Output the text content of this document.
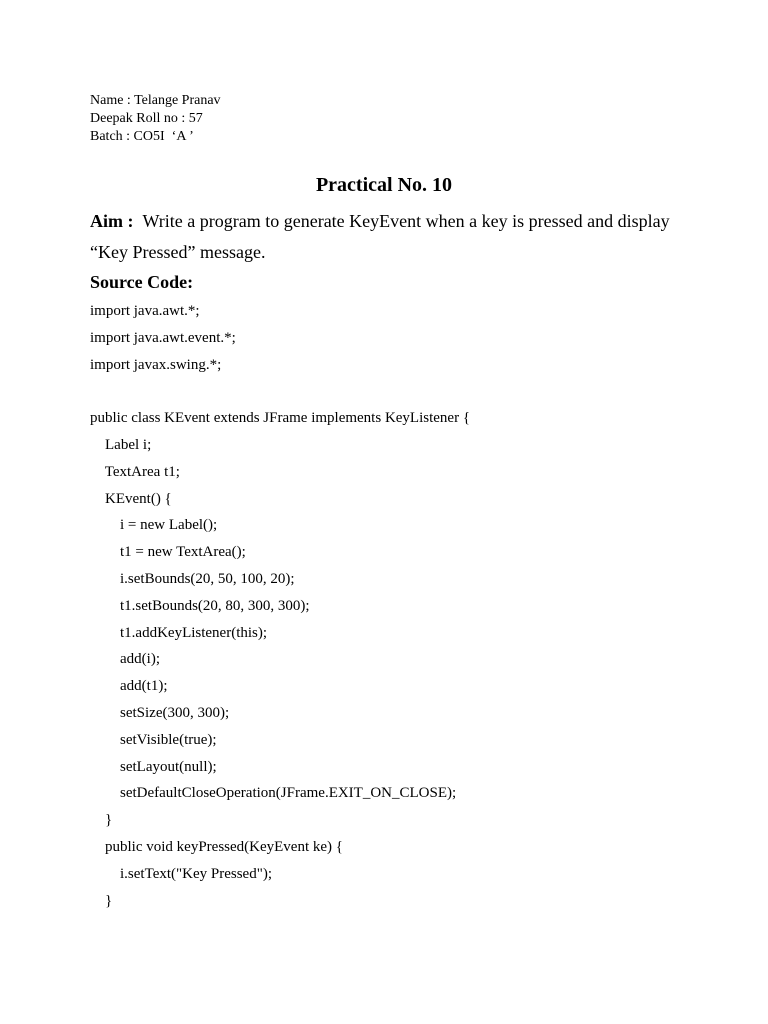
Name : Telange Pranav
Deepak Roll no : 57
Batch : CO5I  ‘A ’
Practical No. 10
Aim : Write a program to generate KeyEvent when a key is pressed and display “Key Pressed” message.
Source Code:
import java.awt.*;
import java.awt.event.*;
import javax.swing.*;
public class KEvent extends JFrame implements KeyListener {
Label i;
TextArea t1;
KEvent() {
i = new Label();
t1 = new TextArea();
i.setBounds(20, 50, 100, 20);
t1.setBounds(20, 80, 300, 300);
t1.addKeyListener(this);
add(i);
add(t1);
setSize(300, 300);
setVisible(true);
setLayout(null);
setDefaultCloseOperation(JFrame.EXIT_ON_CLOSE);
}
public void keyPressed(KeyEvent ke) {
i.setText("Key Pressed");
}
